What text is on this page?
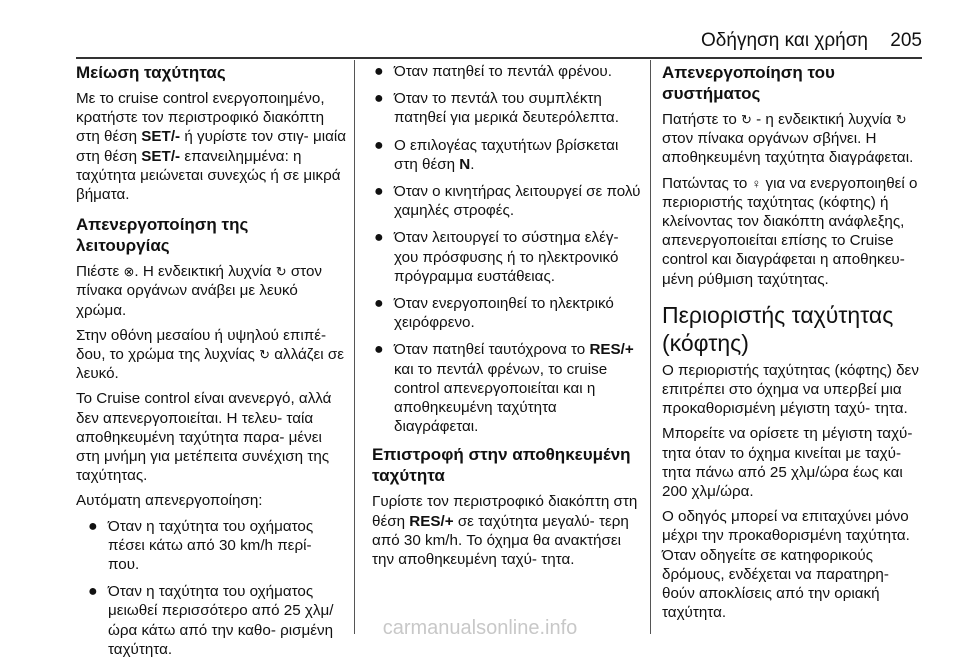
Οδήγηση και χρήση 205
Μείωση ταχύτητας

Με το cruise control ενεργοποιημένο, κρατήστε τον περιστροφικό διακόπτη στη θέση SET/- ή γυρίστε τον στιγ- μιαία στη θέση SET/- επανειλημμένα: η ταχύτητα μειώνεται συνεχώς ή σε μικρά βήματα.

Απενεργοποίηση της λειτουργίας

Πιέστε ⊗. Η ενδεικτική λυχνία ↻ στον πίνακα οργάνων ανάβει με λευκό χρώμα.

Στην οθόνη μεσαίου ή υψηλού επιπέ- δου, το χρώμα της λυχνίας ↻ αλλάζει σε λευκό.

Το Cruise control είναι ανενεργό, αλλά δεν απενεργοποιείται. Η τελευ- ταία αποθηκευμένη ταχύτητα παρα- μένει στη μνήμη για μετέπειτα συνέχιση της ταχύτητας.

Αυτόματη απενεργοποίηση:

● Όταν η ταχύτητα του οχήματος πέσει κάτω από 30 km/h περί- που.
● Όταν η ταχύτητα του οχήματος μειωθεί περισσότερο από 25 χλμ/ώρα κάτω από την καθο- ρισμένη ταχύτητα.
● Όταν πατηθεί το πεντάλ φρένου.
● Όταν το πεντάλ του συμπλέκτη πατηθεί για μερικά δευτερόλεπτα.
● Ο επιλογέας ταχυτήτων βρίσκεται στη θέση N.
● Όταν ο κινητήρας λειτουργεί σε πολύ χαμηλές στροφές.
● Όταν λειτουργεί το σύστημα ελέγ- χου πρόσφυσης ή το ηλεκτρονικό πρόγραμμα ευστάθειας.
● Όταν ενεργοποιηθεί το ηλεκτρικό χειρόφρενο.
● Όταν πατηθεί ταυτόχρονα το RES/+ και το πεντάλ φρένων, το cruise control απενεργοποιείται και η αποθηκευμένη ταχύτητα διαγράφεται.
Επιστροφή στην αποθηκευμένη ταχύτητα

Γυρίστε τον περιστροφικό διακόπτη στη θέση RES/+ σε ταχύτητα μεγαλύ- τερη από 30 km/h. Το όχημα θα ανακτήσει την αποθηκευμένη ταχύ- τητα.

Απενεργοποίηση του συστήματος

Πατήστε το ↻ - η ενδεικτική λυχνία ↻ στον πίνακα οργάνων σβήνει. Η αποθηκευμένη ταχύτητα διαγράφεται.

Πατώντας το ♀ για να ενεργοποιηθεί ο περιοριστής ταχύτητας (κόφτης) ή κλείνοντας τον διακόπτη ανάφλεξης, απενεργοποιείται επίσης το Cruise control και διαγράφεται η αποθηκευ- μένη ρύθμιση ταχύτητας.

Περιοριστής ταχύτητας (κόφτης)

Ο περιοριστής ταχύτητας (κόφτης) δεν επιτρέπει στο όχημα να υπερβεί μια προκαθορισμένη μέγιστη ταχύ- τητα.

Μπορείτε να ορίσετε τη μέγιστη ταχύ- τητα όταν το όχημα κινείται με ταχύ- τητα πάνω από 25 χλμ/ώρα έως και 200 χλμ/ώρα.

Ο οδηγός μπορεί να επιταχύνει μόνο μέχρι την προκαθορισμένη ταχύτητα. Όταν οδηγείτε σε κατηφορικούς δρόμους, ενδέχεται να παρατηρη- θούν αποκλίσεις από την οριακή ταχύτητα.

carmanualsonline.info
